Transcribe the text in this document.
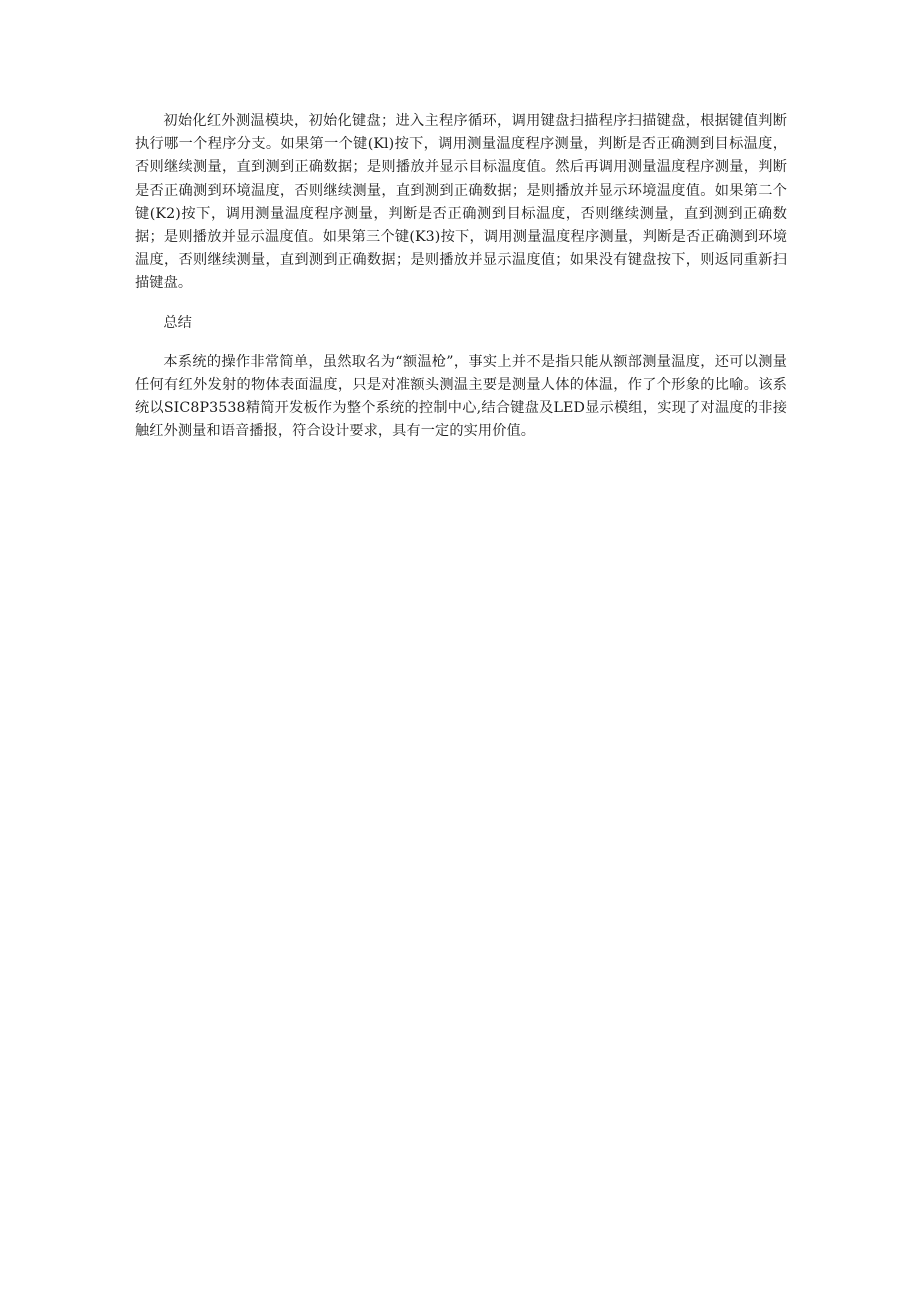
初始化红外测温模块，初始化键盘；进入主程序循环，调用键盘扫描程序扫描键盘，根据键值判断执行哪一个程序分支。如果第一个键(Kl)按下，调用测量温度程序测量，判断是否正确测到目标温度，否则继续测量，直到测到正确数据；是则播放并显示目标温度值。然后再调用测量温度程序测量，判断是否正确测到环境温度，否则继续测量，直到测到正确数据；是则播放并显示环境温度值。如果第二个键(K2)按下，调用测量温度程序测量，判断是否正确测到目标温度，否则继续测量，直到测到正确数据；是则播放并显示温度值。如果第三个键(K3)按下，调用测量温度程序测量，判断是否正确测到环境温度，否则继续测量，直到测到正确数据；是则播放并显示温度值；如果没有键盘按下，则返同重新扫描键盘。

总结

本系统的操作非常简单，虽然取名为“额温枪”，事实上并不是指只能从额部测量温度，还可以测量任何有红外发射的物体表面温度，只是对准额头测温主要是测量人体的体温，作了个形象的比喻。该系统以SIC8P3538精简开发板作为整个系统的控制中心,结合键盘及LED显示模组，实现了对温度的非接触红外测量和语音播报，符合设计要求，具有一定的实用价值。
